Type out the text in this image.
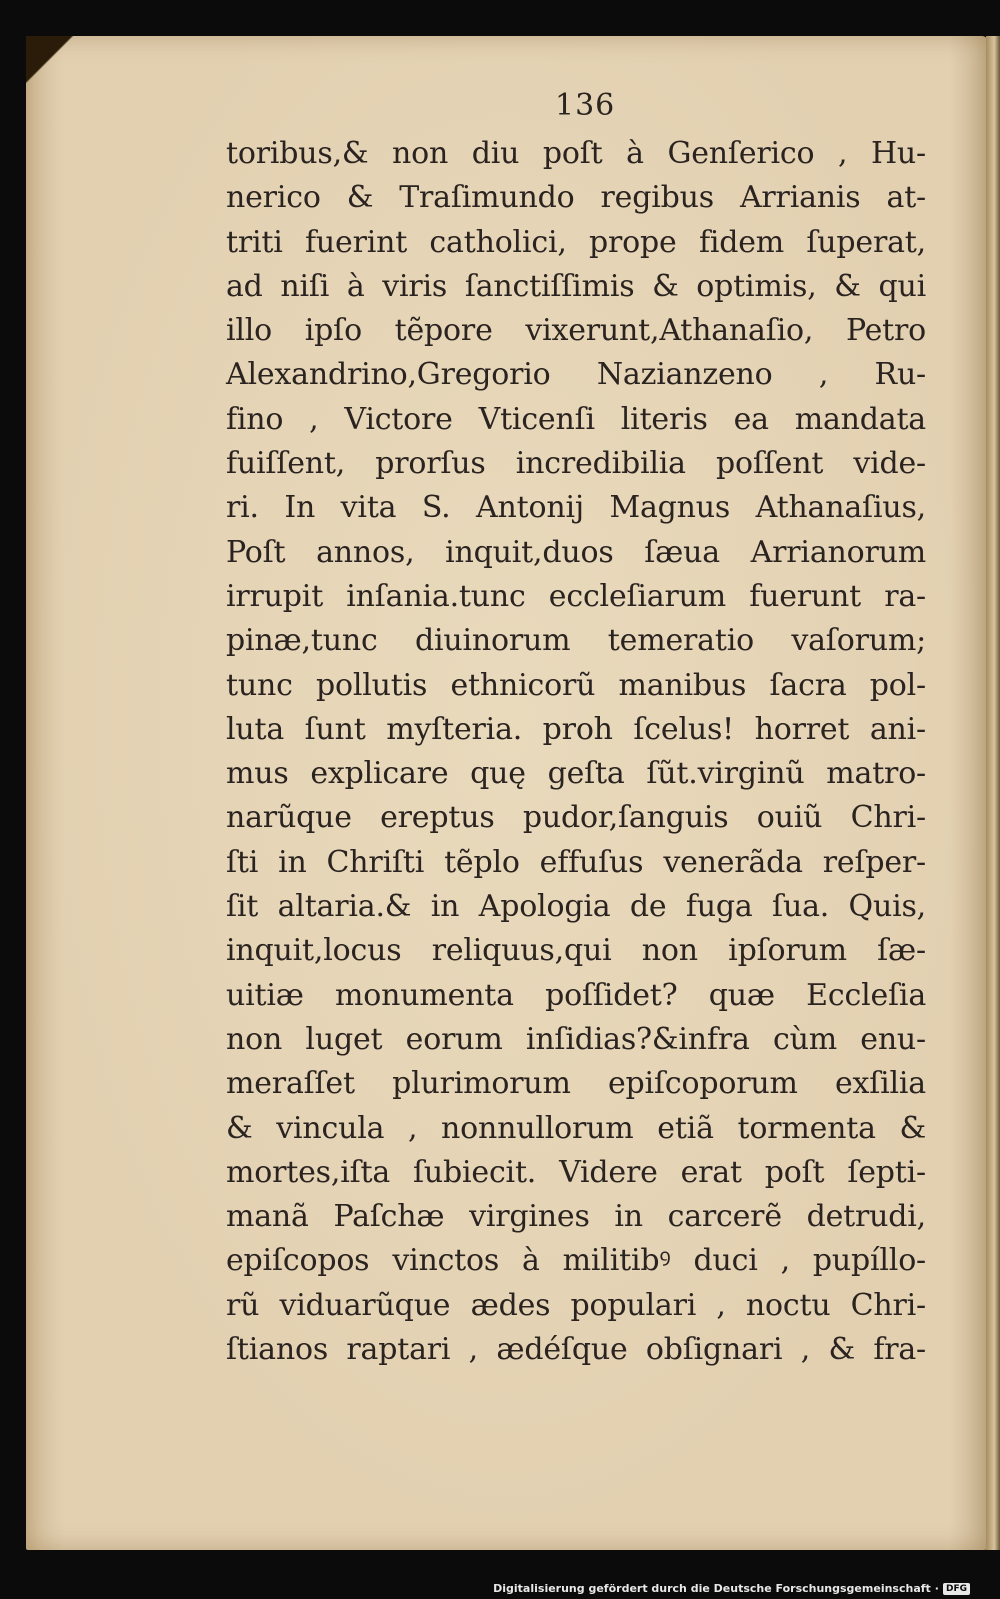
136

toribus,& non diu poſt à Genſerico , Hu-
nerico & Traſimundo regibus Arrianis at-
triti fuerint catholici, prope fidem ſuperat,
ad niſi à viris ſanctiſſimis & optimis, & qui
illo ipſo tẽpore vixerunt,Athanaſio, Petro
Alexandrino,Gregorio Nazianzeno , Ru-
fino , Victore Vticenſi literis ea mandata
fuiſſent, prorſus incredibilia poſſent vide-
ri. In vita S. Antonij Magnus Athanaſius,
Poſt annos, inquit,duos ſæua Arrianorum
irrupit inſania.tunc eccleſiarum fuerunt ra-
pinæ,tunc diuinorum temeratio vaſorum;
tunc pollutis ethnicorũ manibus ſacra pol-
luta ſunt myſteria. proh ſcelus! horret ani-
mus explicare quę geſta ſũt.virginũ matro-
narũque ereptus pudor,ſanguis ouiũ Chri-
ſti in Chriſti tẽplo effuſus venerãda reſper-
ſit altaria.& in Apologia de fuga ſua. Quis,
inquit,locus reliquus,qui non ipſorum ſæ-
uitiæ monumenta poſſidet? quæ Eccleſia
non luget eorum inſidias?&infra cùm enu-
meraſſet plurimorum epiſcoporum exſilia
& vincula , nonnullorum etiã tormenta &
mortes,iſta ſubiecit. Videre erat poſt ſepti-
manã Paſchæ virgines in carcerẽ detrudi,
epiſcopos vinctos à militibꝰ duci , pupíllo-
rũ viduarũque ædes populari , noctu Chri-
ſtianos raptari , ædéſque obſignari , & fra-

Digitalisierung gefördert durch die Deutsche Forschungsgemeinschaft · DFG
